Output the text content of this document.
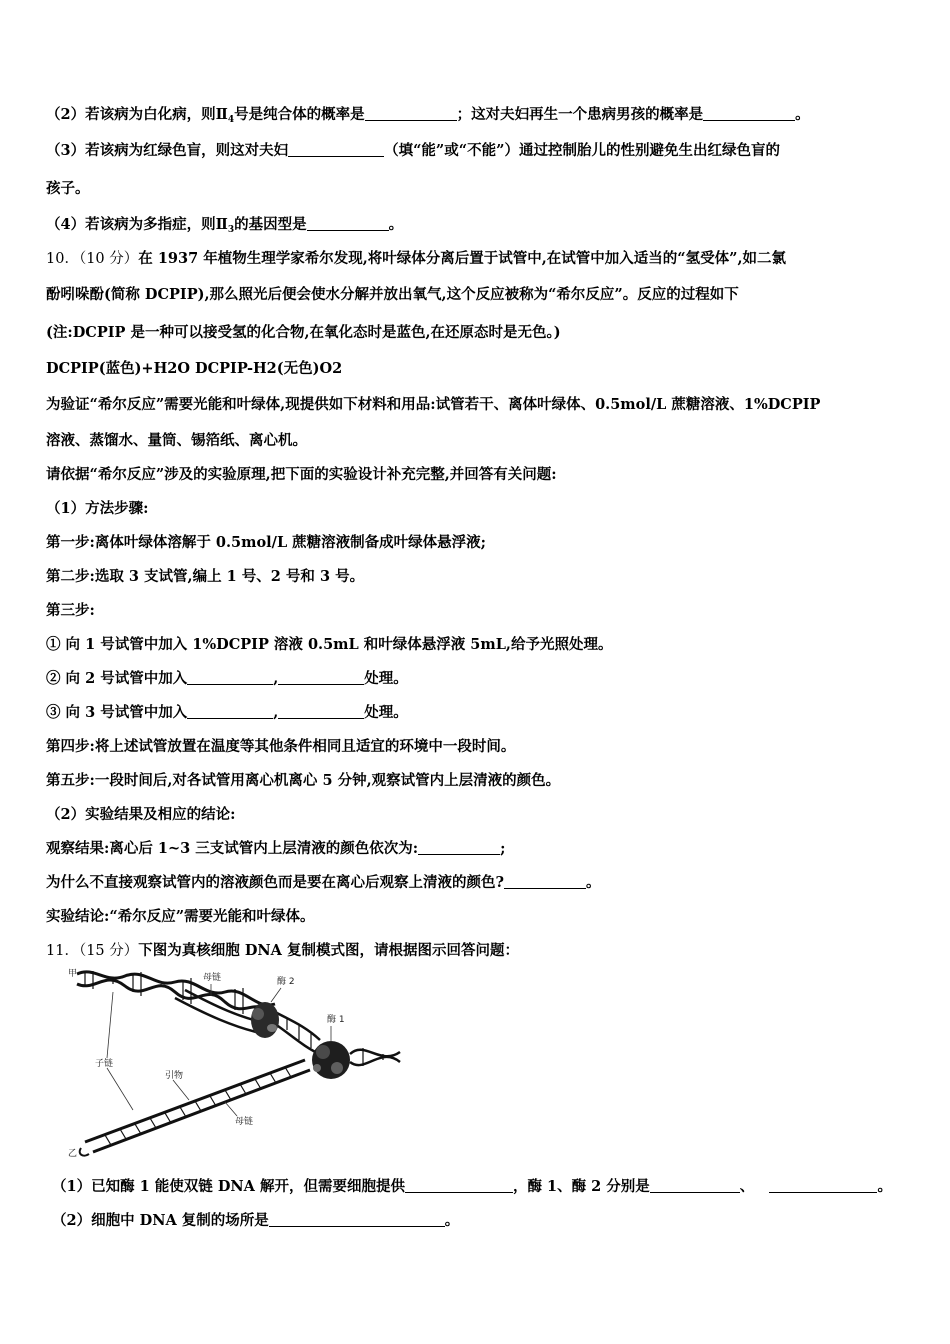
（2）若该病为白化病，则$Ⅱ_4$号是纯合体的概率是	；这对夫妇再生一个患病男孩的概率是	。
（3）若该病为红绿色盲，则这对夫妇	（填“能”或“不能”）通过控制胎儿的性别避免生出红绿色盲的
孩子。
（4）若该病为多指症，则$Ⅱ_3$的基因型是	。
10．（10 分）在 1937 年植物生理学家希尔发现,将叶绿体分离后置于试管中,在试管中加入适当的“氢受体”,如二氯
酚吲哚酚(简称 DCPIP),那么照光后便会使水分解并放出氧气,这个反应被称为“希尔反应”。反应的过程如下
(注:DCPIP 是一种可以接受氢的化合物,在氧化态时是蓝色,在还原态时是无色。)
DCPIP(蓝色)+H2O DCPIP-H2(无色)O2
为验证“希尔反应”需要光能和叶绿体,现提供如下材料和用品:试管若干、离体叶绿体、0.5mol/L 蔗糖溶液、1%DCPIP
溶液、蒸馏水、量筒、锡箔纸、离心机。
请依据“希尔反应”涉及的实验原理,把下面的实验设计补充完整,并回答有关问题:
（1）方法步骤:
第一步:离体叶绿体溶解于 0.5mol/L 蔗糖溶液制备成叶绿体悬浮液;
第二步:选取 3 支试管,编上 1 号、2 号和 3 号。
第三步:
① 向 1 号试管中加入 1%DCPIP 溶液 0.5mL 和叶绿体悬浮液 5mL,给予光照处理。
② 向 2 号试管中加入	,	处理。
③ 向 3 号试管中加入	,	处理。
第四步:将上述试管放置在温度等其他条件相同且适宜的环境中一段时间。
第五步:一段时间后,对各试管用离心机离心 5 分钟,观察试管内上层清液的颜色。
（2）实验结果及相应的结论:
观察结果:离心后 1~3 三支试管内上层清液的颜色依次为:	;
为什么不直接观察试管内的溶液颜色而是要在离心后观察上清液的颜色?	。
实验结论:“希尔反应”需要光能和叶绿体。
11．（15 分）下图为真核细胞 DNA 复制模式图，请根据图示回答问题：
甲
乙
母链	酶 2
酶 1
子链
引物
母链
（1）已知酶 1 能使双链 DNA 解开，但需要细胞提供	，酶 1、酶 2 分别是	、	。
（2）细胞中 DNA 复制的场所是	。
